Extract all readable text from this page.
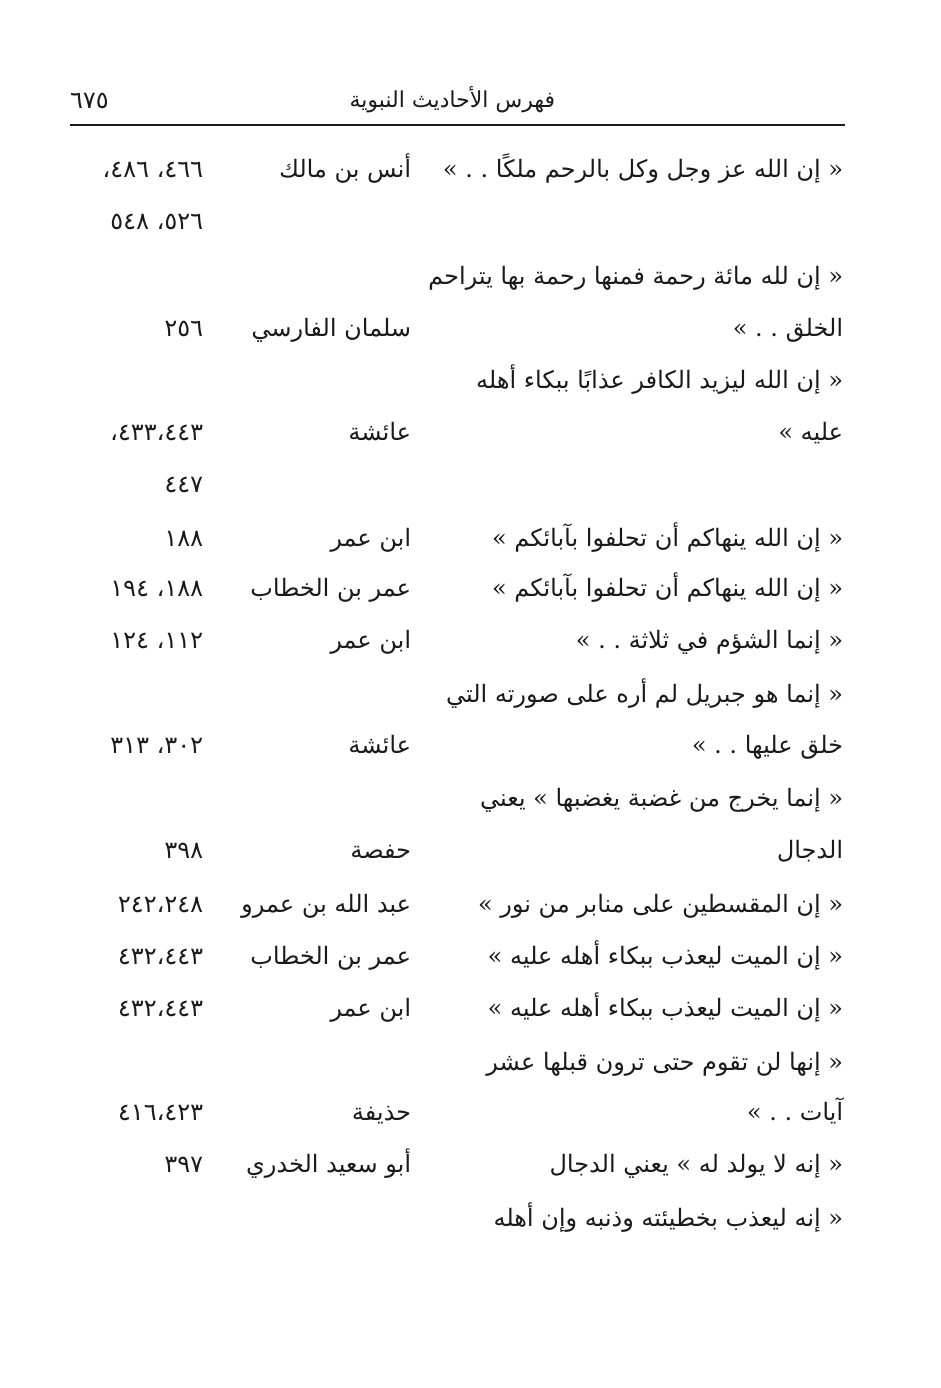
٦٧٥	فهرس الأحاديث النبوية
« إن الله عز وجل وكل بالرحم ملكًا . . »
أنس بن مالك
٤٦٦، ٤٨٦،
٥٢٦، ٥٤٨
« إن لله مائة رحمة فمنها رحمة بها يتراحم
الخلق . . »
سلمان الفارسي
٢٥٦
« إن الله ليزيد الكافر عذابًا ببكاء أهله
عليه »
عائشة
٤٣٣،٤٤٣،
٤٤٧
« إن الله ينهاكم أن تحلفوا بآبائكم »
ابن عمر
١٨٨
« إن الله ينهاكم أن تحلفوا بآبائكم »
عمر بن الخطاب
١٨٨، ١٩٤
« إنما الشؤم في ثلاثة . . »
ابن عمر
١١٢، ١٢٤
« إنما هو جبريل لم أره على صورته التي
خلق عليها . . »
عائشة
٣٠٢، ٣١٣
« إنما يخرج من غضبة يغضبها » يعني
الدجال
حفصة
٣٩٨
« إن المقسطين على منابر من نور »
عبد الله بن عمرو
٢٤٢،٢٤٨
« إن الميت ليعذب ببكاء أهله عليه »
عمر بن الخطاب
٤٣٢،٤٤٣
« إن الميت ليعذب ببكاء أهله عليه »
ابن عمر
٤٣٢،٤٤٣
« إنها لن تقوم حتى ترون قبلها عشر
آيات . . »
حذيفة
٤١٦،٤٢٣
« إنه لا يولد له » يعني الدجال
أبو سعيد الخدري
٣٩٧
« إنه ليعذب بخطيئته وذنبه وإن أهله
